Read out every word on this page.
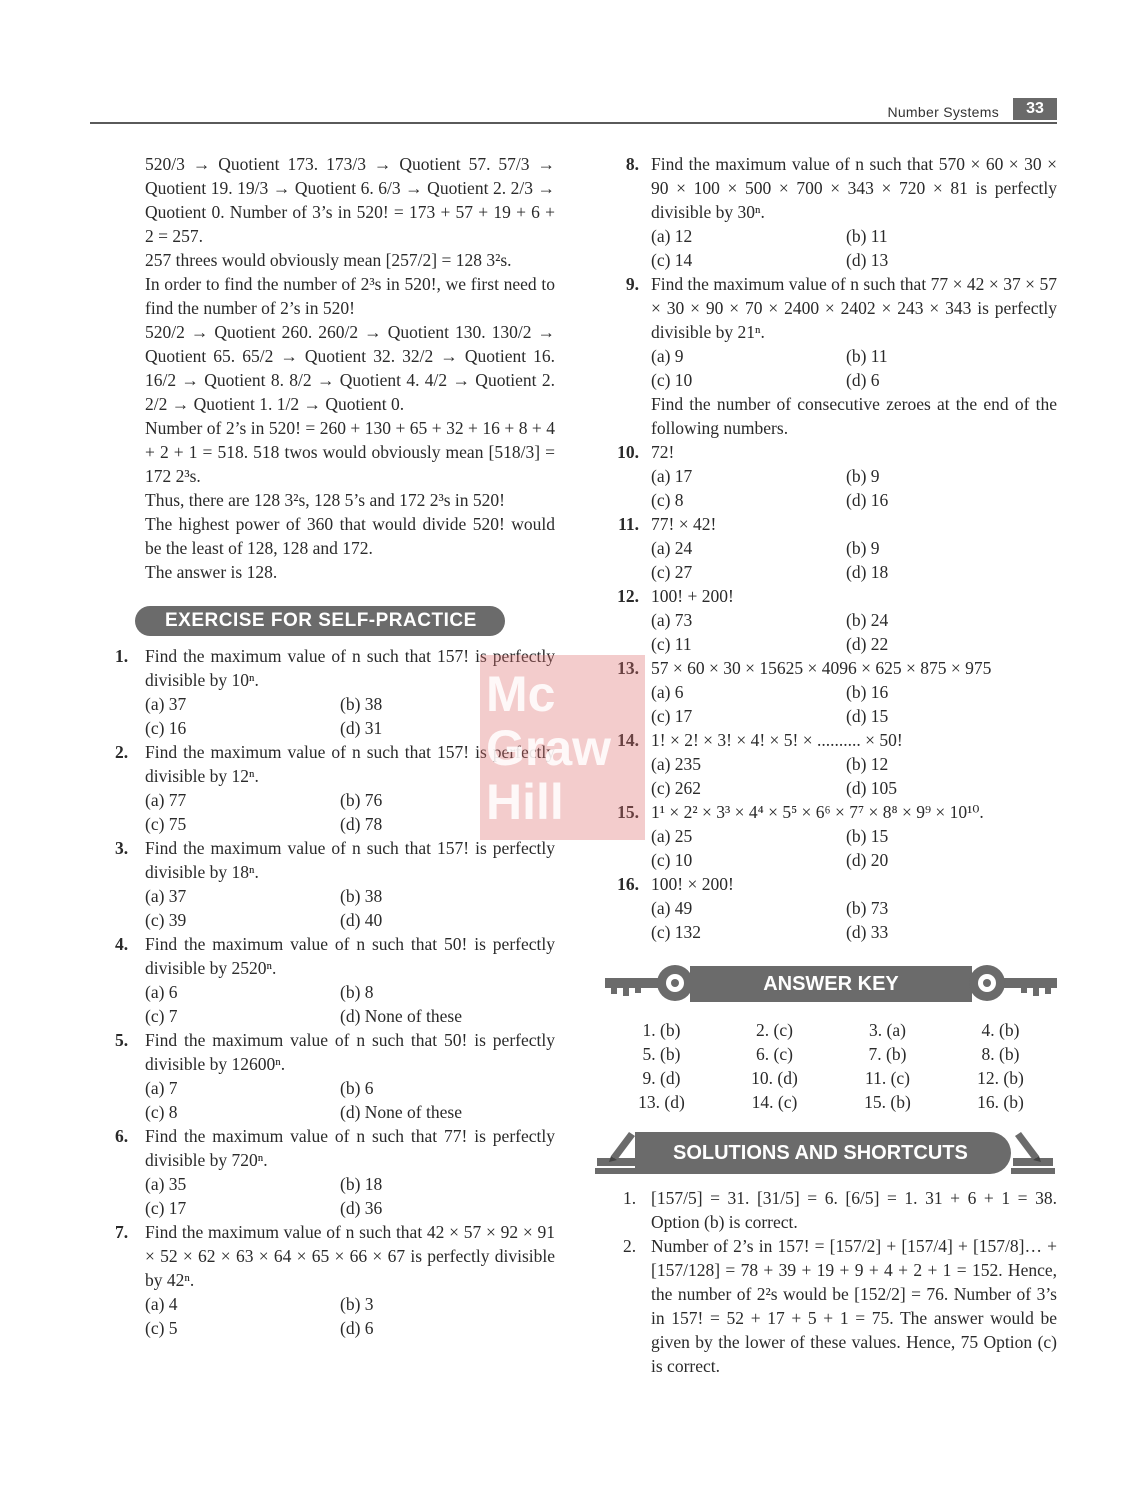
Number Systems	33
520/3 → Quotient 173. 173/3 → Quotient 57. 57/3 → Quotient 19. 19/3 → Quotient 6. 6/3 → Quotient 2. 2/3 → Quotient 0. Number of 3’s in 520! = 173 + 57 + 19 + 6 + 2 = 257.
257 threes would obviously mean [257/2] = 128 3²s.
In order to find the number of 2³s in 520!, we first need to find the number of 2’s in 520!
520/2 → Quotient 260. 260/2 → Quotient 130. 130/2 → Quotient 65. 65/2 → Quotient 32. 32/2 → Quotient 16. 16/2 → Quotient 8. 8/2 → Quotient 4. 4/2 → Quotient 2. 2/2 → Quotient 1. 1/2 → Quotient 0.
Number of 2’s in 520! = 260 + 130 + 65 + 32 + 16 + 8 + 4 + 2 + 1 = 518. 518 twos would obviously mean [518/3] = 172 2³s.
Thus, there are 128 3²s, 128 5’s and 172 2³s in 520!
The highest power of 360 that would divide 520! would be the least of 128, 128 and 172.
The answer is 128.
EXERCISE FOR SELF-PRACTICE
1. Find the maximum value of n such that 157! is perfectly divisible by 10ⁿ.
(a) 37	(b) 38
(c) 16	(d) 31
2. Find the maximum value of n such that 157! is perfectly divisible by 12ⁿ.
(a) 77	(b) 76
(c) 75	(d) 78
3. Find the maximum value of n such that 157! is perfectly divisible by 18ⁿ.
(a) 37	(b) 38
(c) 39	(d) 40
4. Find the maximum value of n such that 50! is perfectly divisible by 2520ⁿ.
(a) 6	(b) 8
(c) 7	(d) None of these
5. Find the maximum value of n such that 50! is perfectly divisible by 12600ⁿ.
(a) 7	(b) 6
(c) 8	(d) None of these
6. Find the maximum value of n such that 77! is perfectly divisible by 720ⁿ.
(a) 35	(b) 18
(c) 17	(d) 36
7. Find the maximum value of n such that 42 × 57 × 92 × 91 × 52 × 62 × 63 × 64 × 65 × 66 × 67 is perfectly divisible by 42ⁿ.
(a) 4	(b) 3
(c) 5	(d) 6
8. Find the maximum value of n such that 570 × 60 × 30 × 90 × 100 × 500 × 700 × 343 × 720 × 81 is perfectly divisible by 30ⁿ.
(a) 12	(b) 11
(c) 14	(d) 13
9. Find the maximum value of n such that 77 × 42 × 37 × 57 × 30 × 90 × 70 × 2400 × 2402 × 243 × 343 is perfectly divisible by 21ⁿ.
(a) 9	(b) 11
(c) 10	(d) 6
Find the number of consecutive zeroes at the end of the following numbers.
10. 72!
(a) 17	(b) 9
(c) 8	(d) 16
11. 77! × 42!
(a) 24	(b) 9
(c) 27	(d) 18
12. 100! + 200!
(a) 73	(b) 24
(c) 11	(d) 22
13. 57 × 60 × 30 × 15625 × 4096 × 625 × 875 × 975
(a) 6	(b) 16
(c) 17	(d) 15
14. 1! × 2! × 3! × 4! × 5! × .......... × 50!
(a) 235	(b) 12
(c) 262	(d) 105
15. 1¹ × 2² × 3³ × 4⁴ × 5⁵ × 6⁶ × 7⁷ × 8⁸ × 9⁹ × 10¹⁰.
(a) 25	(b) 15
(c) 10	(d) 20
16. 100! × 200!
(a) 49	(b) 73
(c) 132	(d) 33
ANSWER KEY
1. (b)	2. (c)	3. (a)	4. (b)
5. (b)	6. (c)	7. (b)	8. (b)
9. (d)	10. (d)	11. (c)	12. (b)
13. (d)	14. (c)	15. (b)	16. (b)
SOLUTIONS AND SHORTCUTS
1. [157/5] = 31. [31/5] = 6. [6/5] = 1. 31 + 6 + 1 = 38. Option (b) is correct.
2. Number of 2’s in 157! = [157/2] + [157/4] + [157/8]… + [157/128] = 78 + 39 + 19 + 9 + 4 + 2 + 1 = 152. Hence, the number of 2²s would be [152/2] = 76. Number of 3’s in 157! = 52 + 17 + 5 + 1 = 75. The answer would be given by the lower of these values. Hence, 75 Option (c) is correct.
Mc
Graw
Hill
